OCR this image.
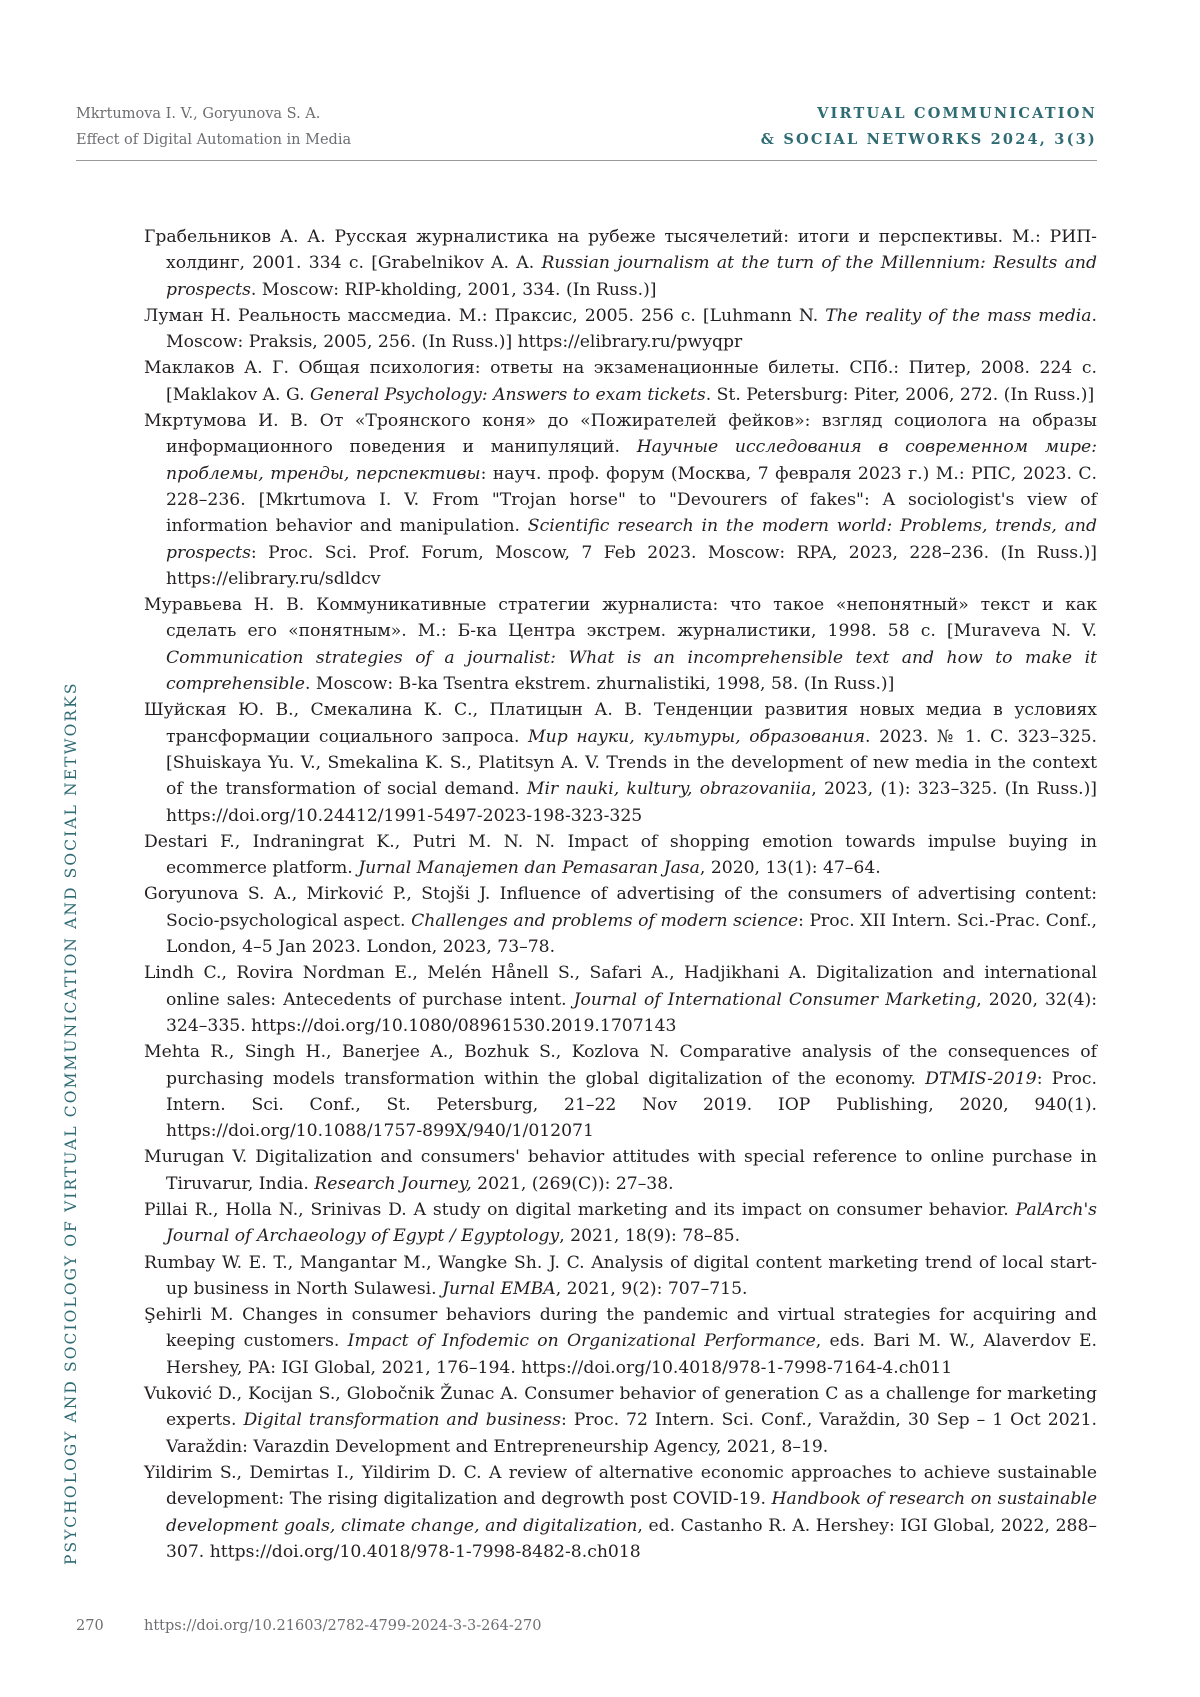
Mkrtumova I. V., Goryunova S. A.
Effect of Digital Automation in Media
VIRTUAL COMMUNICATION
& SOCIAL NETWORKS 2024, 3(3)
PSYCHOLOGY AND SOCIOLOGY OF VIRTUAL COMMUNICATION AND SOCIAL NETWORKS
Грабельников А. А. Русская журналистика на рубеже тысячелетий: итоги и перспективы. М.: РИП-холдинг, 2001. 334 с. [Grabelnikov A. A. Russian journalism at the turn of the Millennium: Results and prospects. Moscow: RIP-kholding, 2001, 334. (In Russ.)]
Луман Н. Реальность массмедиа. М.: Праксис, 2005. 256 с. [Luhmann N. The reality of the mass media. Moscow: Praksis, 2005, 256. (In Russ.)] https://elibrary.ru/pwyqpr
Маклаков А. Г. Общая психология: ответы на экзаменационные билеты. СПб.: Питер, 2008. 224 с. [Maklakov A. G. General Psychology: Answers to exam tickets. St. Petersburg: Piter, 2006, 272. (In Russ.)]
Мкртумова И. В. От «Троянского коня» до «Пожирателей фейков»: взгляд социолога на образы информационного поведения и манипуляций. Научные исследования в современном мире: проблемы, тренды, перспективы: науч. проф. форум (Москва, 7 февраля 2023 г.) М.: РПС, 2023. С. 228–236. [Mkrtumova I. V. From "Trojan horse" to "Devourers of fakes": A sociologist's view of information behavior and manipulation. Scientific research in the modern world: Problems, trends, and prospects: Proc. Sci. Prof. Forum, Moscow, 7 Feb 2023. Moscow: RPA, 2023, 228–236. (In Russ.)] https://elibrary.ru/sdldcv
Муравьева Н. В. Коммуникативные стратегии журналиста: что такое «непонятный» текст и как сделать его «понятным». М.: Б-ка Центра экстрем. журналистики, 1998. 58 с. [Muraveva N. V. Communication strategies of a journalist: What is an incomprehensible text and how to make it comprehensible. Moscow: B-ka Tsentra ekstrem. zhurnalistiki, 1998, 58. (In Russ.)]
Шуйская Ю. В., Смекалина К. С., Платицын А. В. Тенденции развития новых медиа в условиях трансформации социального запроса. Мир науки, культуры, образования. 2023. № 1. С. 323–325. [Shuiskaya Yu. V., Smekalina K. S., Platitsyn A. V. Trends in the development of new media in the context of the transformation of social demand. Mir nauki, kultury, obrazovaniia, 2023, (1): 323–325. (In Russ.)] https://doi.org/10.24412/1991-5497-2023-198-323-325
Destari F., Indraningrat K., Putri M. N. N. Impact of shopping emotion towards impulse buying in ecommerce platform. Jurnal Manajemen dan Pemasaran Jasa, 2020, 13(1): 47–64.
Goryunova S. A., Mirković P., Stojši J. Influence of advertising of the consumers of advertising content: Socio-psychological aspect. Challenges and problems of modern science: Proc. XII Intern. Sci.-Prac. Conf., London, 4–5 Jan 2023. London, 2023, 73–78.
Lindh C., Rovira Nordman E., Melén Hånell S., Safari A., Hadjikhani A. Digitalization and international online sales: Antecedents of purchase intent. Journal of International Consumer Marketing, 2020, 32(4): 324–335. https://doi.org/10.1080/08961530.2019.1707143
Mehta R., Singh H., Banerjee A., Bozhuk S., Kozlova N. Comparative analysis of the consequences of purchasing models transformation within the global digitalization of the economy. DTMIS-2019: Proc. Intern. Sci. Conf., St. Petersburg, 21–22 Nov 2019. IOP Publishing, 2020, 940(1). https://doi.org/10.1088/1757-899X/940/1/012071
Murugan V. Digitalization and consumers' behavior attitudes with special reference to online purchase in Tiruvarur, India. Research Journey, 2021, (269(C)): 27–38.
Pillai R., Holla N., Srinivas D. A study on digital marketing and its impact on consumer behavior. PalArch's Journal of Archaeology of Egypt / Egyptology, 2021, 18(9): 78–85.
Rumbay W. E. T., Mangantar M., Wangke Sh. J. C. Analysis of digital content marketing trend of local start-up business in North Sulawesi. Jurnal EMBA, 2021, 9(2): 707–715.
Şehirli M. Changes in consumer behaviors during the pandemic and virtual strategies for acquiring and keeping customers. Impact of Infodemic on Organizational Performance, eds. Bari M. W., Alaverdov E. Hershey, PA: IGI Global, 2021, 176–194. https://doi.org/10.4018/978-1-7998-7164-4.ch011
Vuković D., Kocijan S., Globočnik Žunac A. Consumer behavior of generation C as a challenge for marketing experts. Digital transformation and business: Proc. 72 Intern. Sci. Conf., Varaždin, 30 Sep – 1 Oct 2021. Varaždin: Varazdin Development and Entrepreneurship Agency, 2021, 8–19.
Yildirim S., Demirtas I., Yildirim D. C. A review of alternative economic approaches to achieve sustainable development: The rising digitalization and degrowth post COVID-19. Handbook of research on sustainable development goals, climate change, and digitalization, ed. Castanho R. A. Hershey: IGI Global, 2022, 288–307. https://doi.org/10.4018/978-1-7998-8482-8.ch018
270	https://doi.org/10.21603/2782-4799-2024-3-3-264-270
